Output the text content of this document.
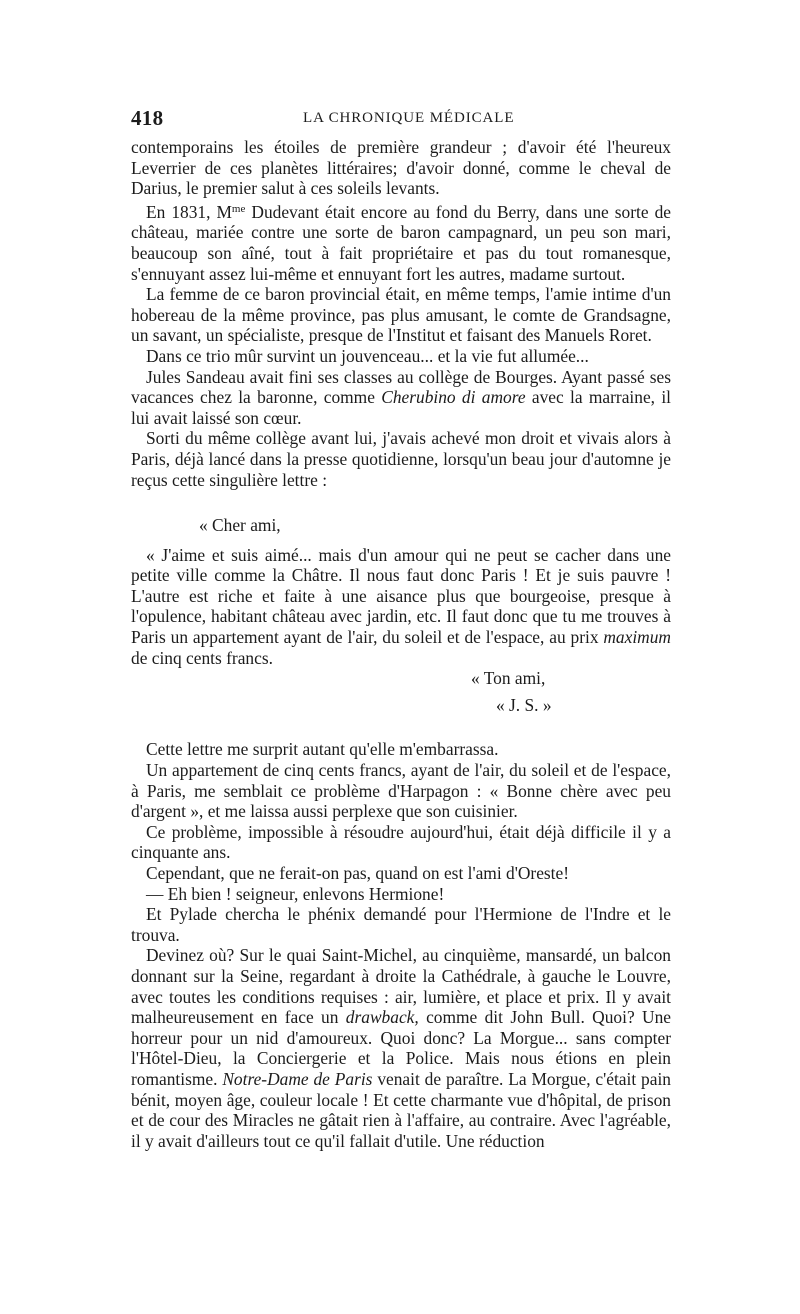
418	LA CHRONIQUE MÉDICALE

contemporains les étoiles de première grandeur ; d'avoir été l'heureux Leverrier de ces planètes littéraires; d'avoir donné, comme le cheval de Darius, le premier salut à ces soleils levants.

En 1831, $M^{me}$ Dudevant était encore au fond du Berry, dans une sorte de château, mariée contre une sorte de baron campagnard, un peu son mari, beaucoup son aîné, tout à fait propriétaire et pas du tout romanesque, s'ennuyant assez lui-même et ennuyant fort les autres, madame surtout.

La femme de ce baron provincial était, en même temps, l'amie intime d'un hobereau de la même province, pas plus amusant, le comte de Grandsagne, un savant, un spécialiste, presque de l'Institut et faisant des Manuels Roret.

Dans ce trio mûr survint un jouvenceau... et la vie fut allumée...

Jules Sandeau avait fini ses classes au collège de Bourges. Ayant passé ses vacances chez la baronne, comme Cherubino di amore avec la marraine, il lui avait laissé son cœur.

Sorti du même collège avant lui, j'avais achevé mon droit et vivais alors à Paris, déjà lancé dans la presse quotidienne, lorsqu'un beau jour d'automne je reçus cette singulière lettre :

« Cher ami,

« J'aime et suis aimé... mais d'un amour qui ne peut se cacher dans une petite ville comme la Châtre. Il nous faut donc Paris ! Et je suis pauvre ! L'autre est riche et faite à une aisance plus que bourgeoise, presque à l'opulence, habitant château avec jardin, etc. Il faut donc que tu me trouves à Paris un appartement ayant de l'air, du soleil et de l'espace, au prix maximum de cinq cents francs.

« Ton ami,

« J. S. »

Cette lettre me surprit autant qu'elle m'embarrassa.

Un appartement de cinq cents francs, ayant de l'air, du soleil et de l'espace, à Paris, me semblait ce problème d'Harpagon : « Bonne chère avec peu d'argent », et me laissa aussi perplexe que son cuisinier.

Ce problème, impossible à résoudre aujourd'hui, était déjà difficile il y a cinquante ans.

Cependant, que ne ferait-on pas, quand on est l'ami d'Oreste!

— Eh bien ! seigneur, enlevons Hermione!

Et Pylade chercha le phénix demandé pour l'Hermione de l'Indre et le trouva.

Devinez où? Sur le quai Saint-Michel, au cinquième, mansardé, un balcon donnant sur la Seine, regardant à droite la Cathédrale, à gauche le Louvre, avec toutes les conditions requises : air, lumière, et place et prix. Il y avait malheureusement en face un drawback, comme dit John Bull. Quoi? Une horreur pour un nid d'amoureux. Quoi donc? La Morgue... sans compter l'Hôtel-Dieu, la Conciergerie et la Police. Mais nous étions en plein romantisme. Notre-Dame de Paris venait de paraître. La Morgue, c'était pain bénit, moyen âge, couleur locale ! Et cette charmante vue d'hôpital, de prison et de cour des Miracles ne gâtait rien à l'affaire, au contraire. Avec l'agréable, il y avait d'ailleurs tout ce qu'il fallait d'utile. Une réduction
